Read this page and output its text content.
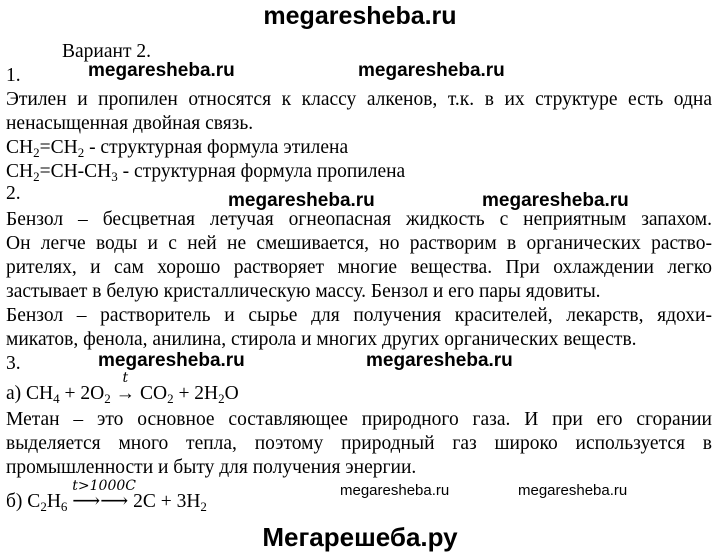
megaresheba.ru
megaresheba.ru	megaresheba.ru
megaresheba.ru	megaresheba.ru
megaresheba.ru	megaresheba.ru
megaresheba.ru	megaresheba.ru
Мегарешеба.ру
Вариант 2.
1.
Этилен и пропилен относятся к классу алкенов, т.к. в их структуре есть одна
ненасыщенная двойная связь.
$CH_2=CH_2$ - структурная формула этилена
$CH_2=CH-CH_3$ - структурная формула пропилена
2.
Бензол – бесцветная летучая огнеопасная жидкость с неприятным запахом.
Он легче воды и с ней не смешивается, но растворим в органических раство-
рителях, и сам хорошо растворяет многие вещества. При охлаждении легко
застывает в белую кристаллическую массу. Бензол и его пары ядовиты.
Бензол – растворитель и сырье для получения красителей, лекарств, ядохи-
микатов, фенола, анилина, стирола и многих других органических веществ.
3.
а) $CH_4 + 2O_2$
t
→ $CO_2 + 2H_2O$
Метан – это основное составляющее природного газа. И при его сгорании
выделяется много тепла, поэтому природный газ широко используется в
промышленности и быту для получения энергии.
б) $C_2H_6$
t>1000C
⟶⟶ $2C + 3H_2$
